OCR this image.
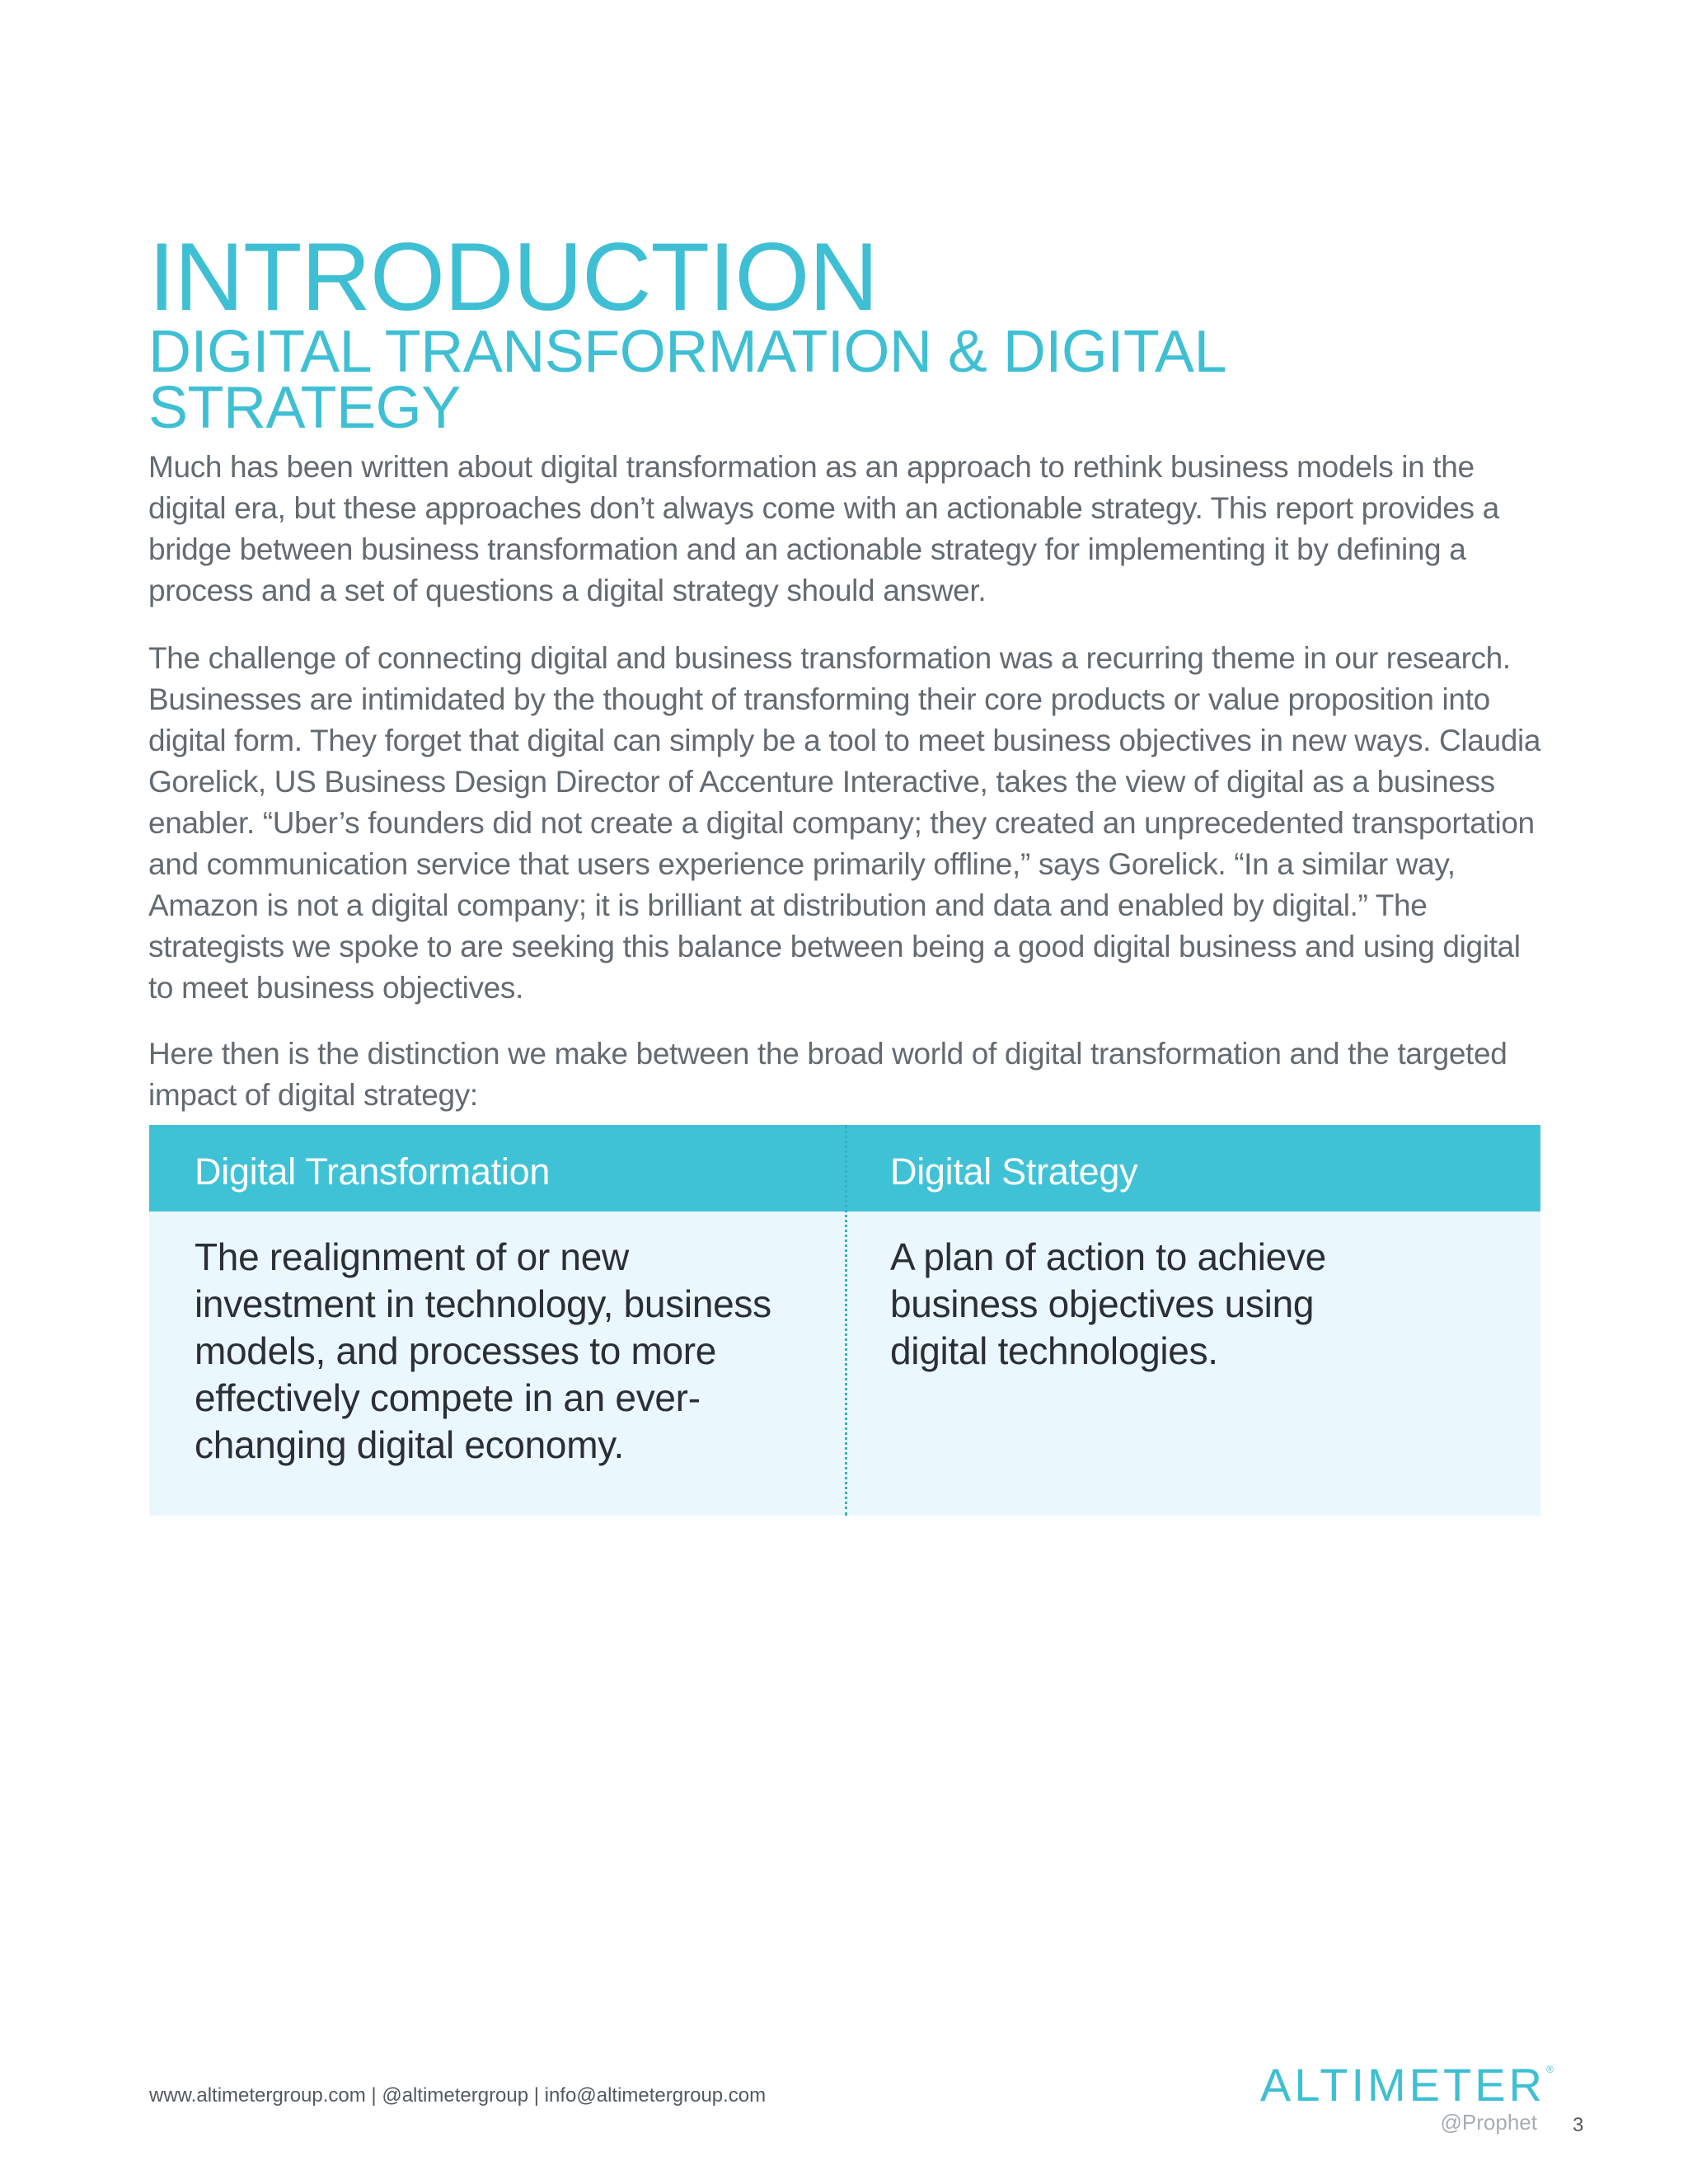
INTRODUCTION
DIGITAL TRANSFORMATION & DIGITAL STRATEGY

Much has been written about digital transformation as an approach to rethink business models in the digital era, but these approaches don’t always come with an actionable strategy. This report provides a bridge between business transformation and an actionable strategy for implementing it by defining a process and a set of questions a digital strategy should answer.

The challenge of connecting digital and business transformation was a recurring theme in our research. Businesses are intimidated by the thought of transforming their core products or value proposition into digital form. They forget that digital can simply be a tool to meet business objectives in new ways. Claudia Gorelick, US Business Design Director of Accenture Interactive, takes the view of digital as a business enabler. “Uber’s founders did not create a digital company; they created an unprecedented transportation and communication service that users experience primarily offline,” says Gorelick. “In a similar way, Amazon is not a digital company; it is brilliant at distribution and data and enabled by digital.” The strategists we spoke to are seeking this balance between being a good digital business and using digital to meet business objectives.

Here then is the distinction we make between the broad world of digital transformation and the targeted impact of digital strategy:

Digital Transformation
The realignment of or new investment in technology, business models, and processes to more effectively compete in an ever-changing digital economy.
Digital Strategy
A plan of action to achieve business objectives using digital technologies.
www.altimetergroup.com | @altimetergroup | info@altimetergroup.com	ALTIMETER ®
@Prophet 3
